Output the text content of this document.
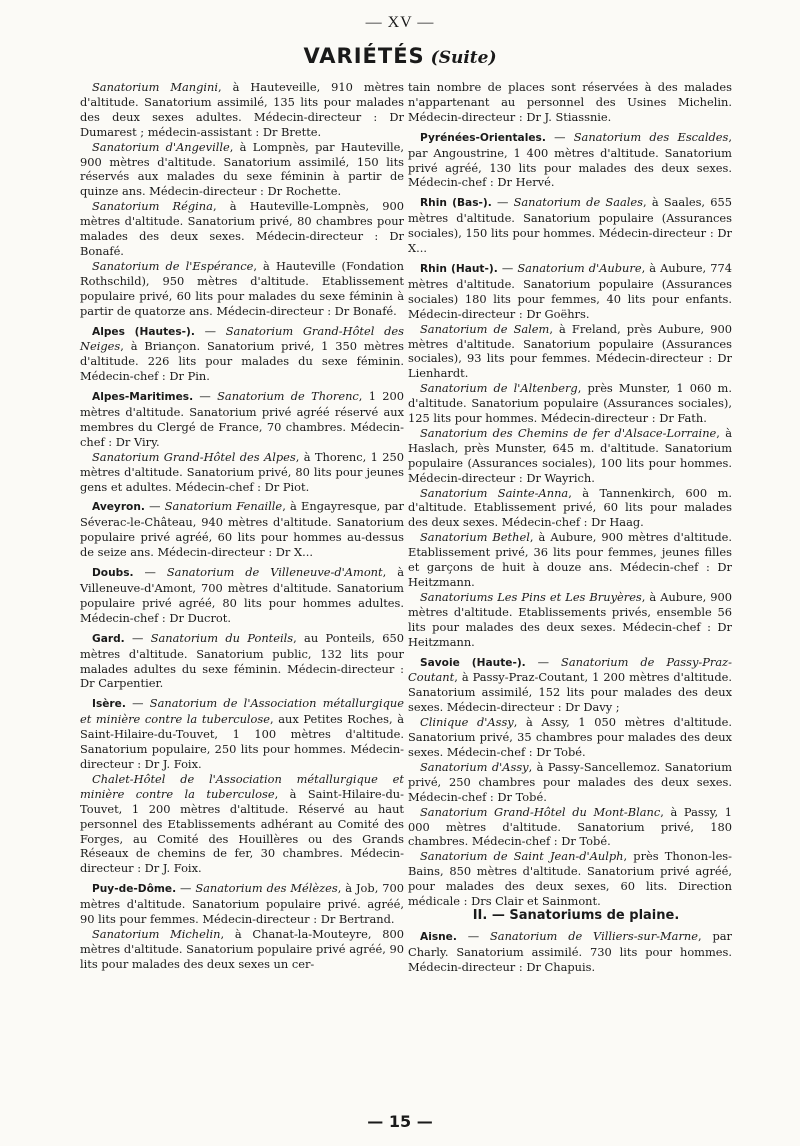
— XV —
VARIÉTÉS (Suite)

Sanatorium Mangini, à Hauteveille, 910 mètres d'altitude. Sanatorium assimilé, 135 lits pour malades des deux sexes adultes. Médecin-directeur : Dr Dumarest ; médecin-assistant : Dr Brette.

Sanatorium d'Angeville, à Lompnès, par Hauteville, 900 mètres d'altitude. Sanatorium assimilé, 150 lits réservés aux malades du sexe féminin à partir de quinze ans. Médecin-directeur : Dr Rochette.

Sanatorium Régina, à Hauteville-Lompnès, 900 mètres d'altitude. Sanatorium privé, 80 chambres pour malades des deux sexes. Médecin-directeur : Dr Bonafé.

Sanatorium de l'Espérance, à Hauteville (Fondation Rothschild), 950 mètres d'altitude. Etablissement populaire privé, 60 lits pour malades du sexe féminin à partir de quatorze ans. Médecin-directeur : Dr Bonafé.

Alpes (Hautes-). — Sanatorium Grand-Hôtel des Neiges, à Briançon. Sanatorium privé, 1 350 mètres d'altitude. 226 lits pour malades du sexe féminin. Médecin-chef : Dr Pin.

Alpes-Maritimes. — Sanatorium de Thorenc, 1 200 mètres d'altitude. Sanatorium privé agréé réservé aux membres du Clergé de France, 70 chambres. Médecin-chef : Dr Viry.

Sanatorium Grand-Hôtel des Alpes, à Thorenc, 1 250 mètres d'altitude. Sanatorium privé, 80 lits pour jeunes gens et adultes. Médecin-chef : Dr Piot.

Aveyron. — Sanatorium Fenaille, à Engayresque, par Séverac-le-Château, 940 mètres d'altitude. Sanatorium populaire privé agréé, 60 lits pour hommes au-dessus de seize ans. Médecin-directeur : Dr X...

Doubs. — Sanatorium de Villeneuve-d'Amont, à Villeneuve-d'Amont, 700 mètres d'altitude. Sanatorium populaire privé agréé, 80 lits pour hommes adultes. Médecin-chef : Dr Ducrot.

Gard. — Sanatorium du Ponteils, au Ponteils, 650 mètres d'altitude. Sanatorium public, 132 lits pour malades adultes du sexe féminin. Médecin-directeur : Dr Carpentier.

Isère. — Sanatorium de l'Association métallurgique et minière contre la tuberculose, aux Petites Roches, à Saint-Hilaire-du-Touvet, 1 100 mètres d'altitude. Sanatorium populaire, 250 lits pour hommes. Médecin-directeur : Dr J. Foix.

Chalet-Hôtel de l'Association métallurgique et minière contre la tuberculose, à Saint-Hilaire-du-Touvet, 1 200 mètres d'altitude. Réservé au haut personnel des Etablissements adhérant au Comité des Forges, au Comité des Houillères ou des Grands Réseaux de chemins de fer, 30 chambres. Médecin-directeur : Dr J. Foix.

Puy-de-Dôme. — Sanatorium des Mélèzes, à Job, 700 mètres d'altitude. Sanatorium populaire privé. agréé, 90 lits pour femmes. Médecin-directeur : Dr Bertrand.

Sanatorium Michelin, à Chanat-la-Mouteyre, 800 mètres d'altitude. Sanatorium populaire privé agréé, 90 lits pour malades des deux sexes un cer-

tain nombre de places sont réservées à des malades n'appartenant au personnel des Usines Michelin. Médecin-directeur : Dr J. Stiassnie.

Pyrénées-Orientales. — Sanatorium des Escaldes, par Angoustrine, 1 400 mètres d'altitude. Sanatorium privé agréé, 130 lits pour malades des deux sexes. Médecin-chef : Dr Hervé.

Rhin (Bas-). — Sanatorium de Saales, à Saales, 655 mètres d'altitude. Sanatorium populaire (Assurances sociales), 150 lits pour hommes. Médecin-directeur : Dr X...

Rhin (Haut-). — Sanatorium d'Aubure, à Aubure, 774 mètres d'altitude. Sanatorium populaire (Assurances sociales) 180 lits pour femmes, 40 lits pour enfants. Médecin-directeur : Dr Goëhrs.

Sanatorium de Salem, à Freland, près Aubure, 900 mètres d'altitude. Sanatorium populaire (Assurances sociales), 93 lits pour femmes. Médecin-directeur : Dr Lienhardt.

Sanatorium de l'Altenberg, près Munster, 1 060 m. d'altitude. Sanatorium populaire (Assurances sociales), 125 lits pour hommes. Médecin-directeur : Dr Fath.

Sanatorium des Chemins de fer d'Alsace-Lorraine, à Haslach, près Munster, 645 m. d'altitude. Sanatorium populaire (Assurances sociales), 100 lits pour hommes. Médecin-directeur : Dr Wayrich.

Sanatorium Sainte-Anna, à Tannenkirch, 600 m. d'altitude. Etablissement privé, 60 lits pour malades des deux sexes. Médecin-chef : Dr Haag.

Sanatorium Bethel, à Aubure, 900 mètres d'altitude. Etablissement privé, 36 lits pour femmes, jeunes filles et garçons de huit à douze ans. Médecin-chef : Dr Heitzmann.

Sanatoriums Les Pins et Les Bruyères, à Aubure, 900 mètres d'altitude. Etablissements privés, ensemble 56 lits pour malades des deux sexes. Médecin-chef : Dr Heitzmann.

Savoie (Haute-). — Sanatorium de Passy-Praz-Coutant, à Passy-Praz-Coutant, 1 200 mètres d'altitude. Sanatorium assimilé, 152 lits pour malades des deux sexes. Médecin-directeur : Dr Davy ;

Clinique d'Assy, à Assy, 1 050 mètres d'altitude. Sanatorium privé, 35 chambres pour malades des deux sexes. Médecin-chef : Dr Tobé.

Sanatorium d'Assy, à Passy-Sancellemoz. Sanatorium privé, 250 chambres pour malades des deux sexes. Médecin-chef : Dr Tobé.

Sanatorium Grand-Hôtel du Mont-Blanc, à Passy, 1 000 mètres d'altitude. Sanatorium privé, 180 chambres. Médecin-chef : Dr Tobé.

Sanatorium de Saint Jean-d'Aulph, près Thonon-les-Bains, 850 mètres d'altitude. Sanatorium privé agréé, pour malades des deux sexes, 60 lits. Direction médicale : Drs Clair et Sainmont.

II. — Sanatoriums de plaine.

Aisne. — Sanatorium de Villiers-sur-Marne, par Charly. Sanatorium assimilé. 730 lits pour hommes. Médecin-directeur : Dr Chapuis.

— 15 —
